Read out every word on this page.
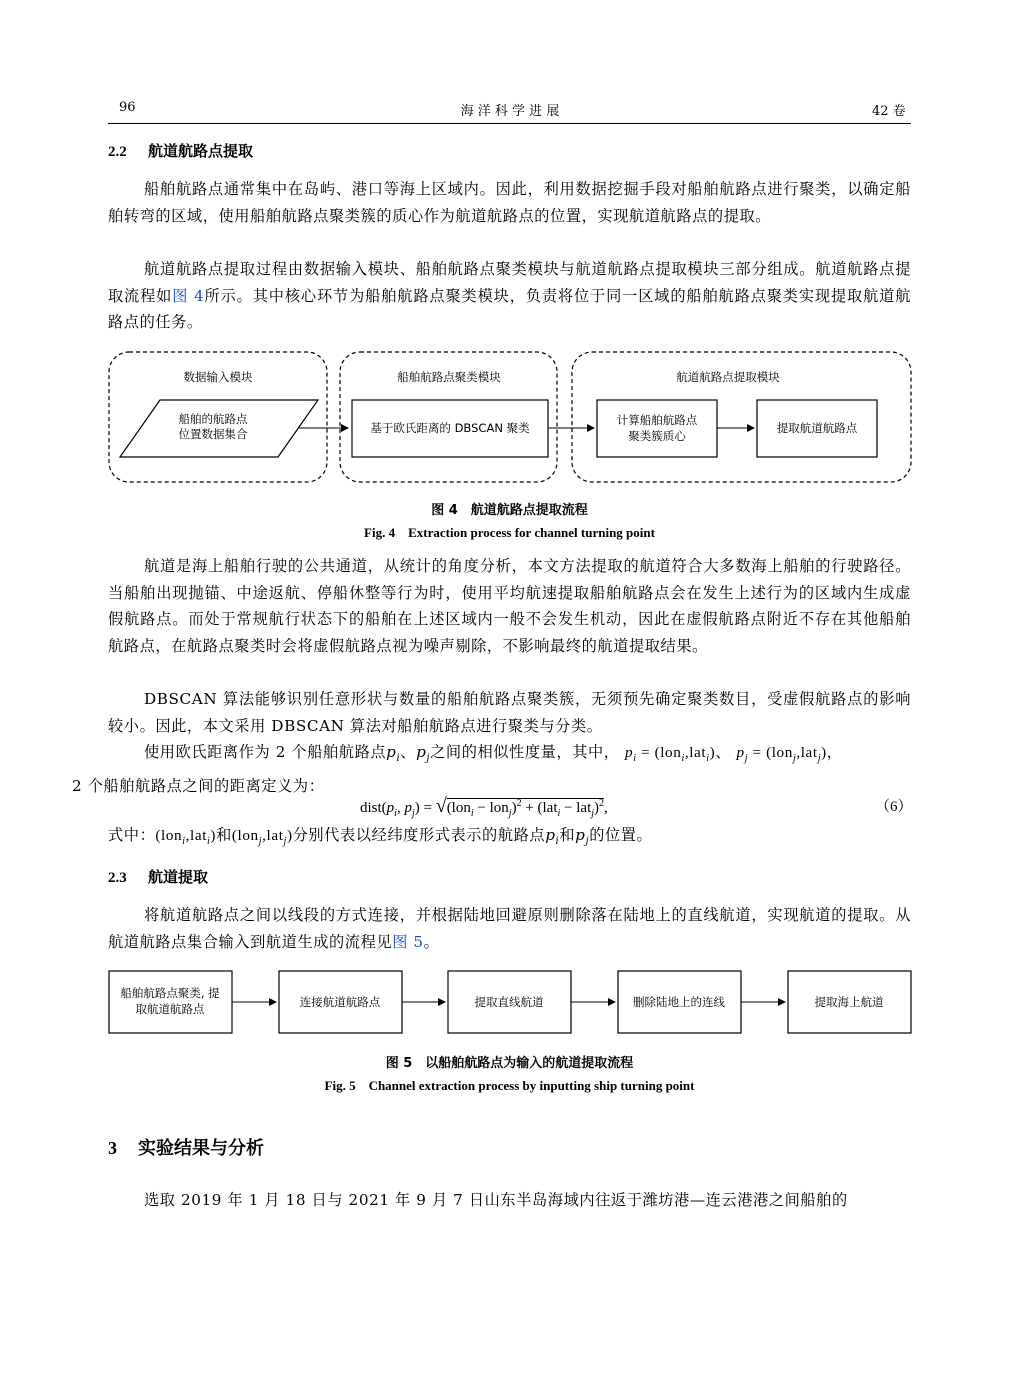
96	海 洋 科 学 进 展	42 卷
2.2 航道航路点提取
船舶航路点通常集中在岛屿、港口等海上区域内。因此，利用数据挖掘手段对船舶航路点进行聚类，以确定船舶转弯的区域，使用船舶航路点聚类簇的质心作为航道航路点的位置，实现航道航路点的提取。
航道航路点提取过程由数据输入模块、船舶航路点聚类模块与航道航路点提取模块三部分组成。航道航路点提取流程如图 4所示。其中核心环节为船舶航路点聚类模块，负责将位于同一区域的船舶航路点聚类实现提取航道航路点的任务。
数据输入模块	船舶航路点聚类模块	航道航路点提取模块
船舶的航路点
位置数据集合	基于欧氏距离的 DBSCAN 聚类
计算船舶航路点
聚类簇质心
提取航道航路点
船舶航路点聚类, 提
取航道航路点	连接航道航路点	提取直线航道	删除陆地上的连线	提取海上航道
图 4　航道航路点提取流程
Fig. 4　Extraction process for channel turning point
航道是海上船舶行驶的公共通道，从统计的角度分析，本文方法提取的航道符合大多数海上船舶的行驶路径。当船舶出现抛锚、中途返航、停船休整等行为时，使用平均航速提取船舶航路点会在发生上述行为的区域内生成虚假航路点。而处于常规航行状态下的船舶在上述区域内一般不会发生机动，因此在虚假航路点附近不存在其他船舶航路点，在航路点聚类时会将虚假航路点视为噪声剔除，不影响最终的航道提取结果。
DBSCAN 算法能够识别任意形状与数量的船舶航路点聚类簇，无须预先确定聚类数目，受虚假航路点的影响较小。因此，本文采用 DBSCAN 算法对船舶航路点进行聚类与分类。
使用欧氏距离作为 2 个船舶航路点$p_i$、$p_j$之间的相似性度量，其中， $p_i = (lon_i,lat_i)$、 $p_j = (lon_j,lat_j)$，
2 个船舶航路点之间的距离定义为：
$dist(p_i$, $p_j) = √(lon_i - lon_j)^2 + (lat_i - lat_j)^2$,	（6）
式中：(lon$_i$,lat$_i$)和(lon$_j$,lat$_j$)分别代表以经纬度形式表示的航路点$p_i$和$p_j$的位置。
2.3 航道提取
将航道航路点之间以线段的方式连接，并根据陆地回避原则删除落在陆地上的直线航道，实现航道的提取。从航道航路点集合输入到航道生成的流程见图 5。
图 5　以船舶航路点为输入的航道提取流程
Fig. 5　Channel extraction process by inputting ship turning point
3 实验结果与分析
选取 2019 年 1 月 18 日与 2021 年 9 月 7 日山东半岛海域内往返于潍坊港—连云港港之间船舶的
